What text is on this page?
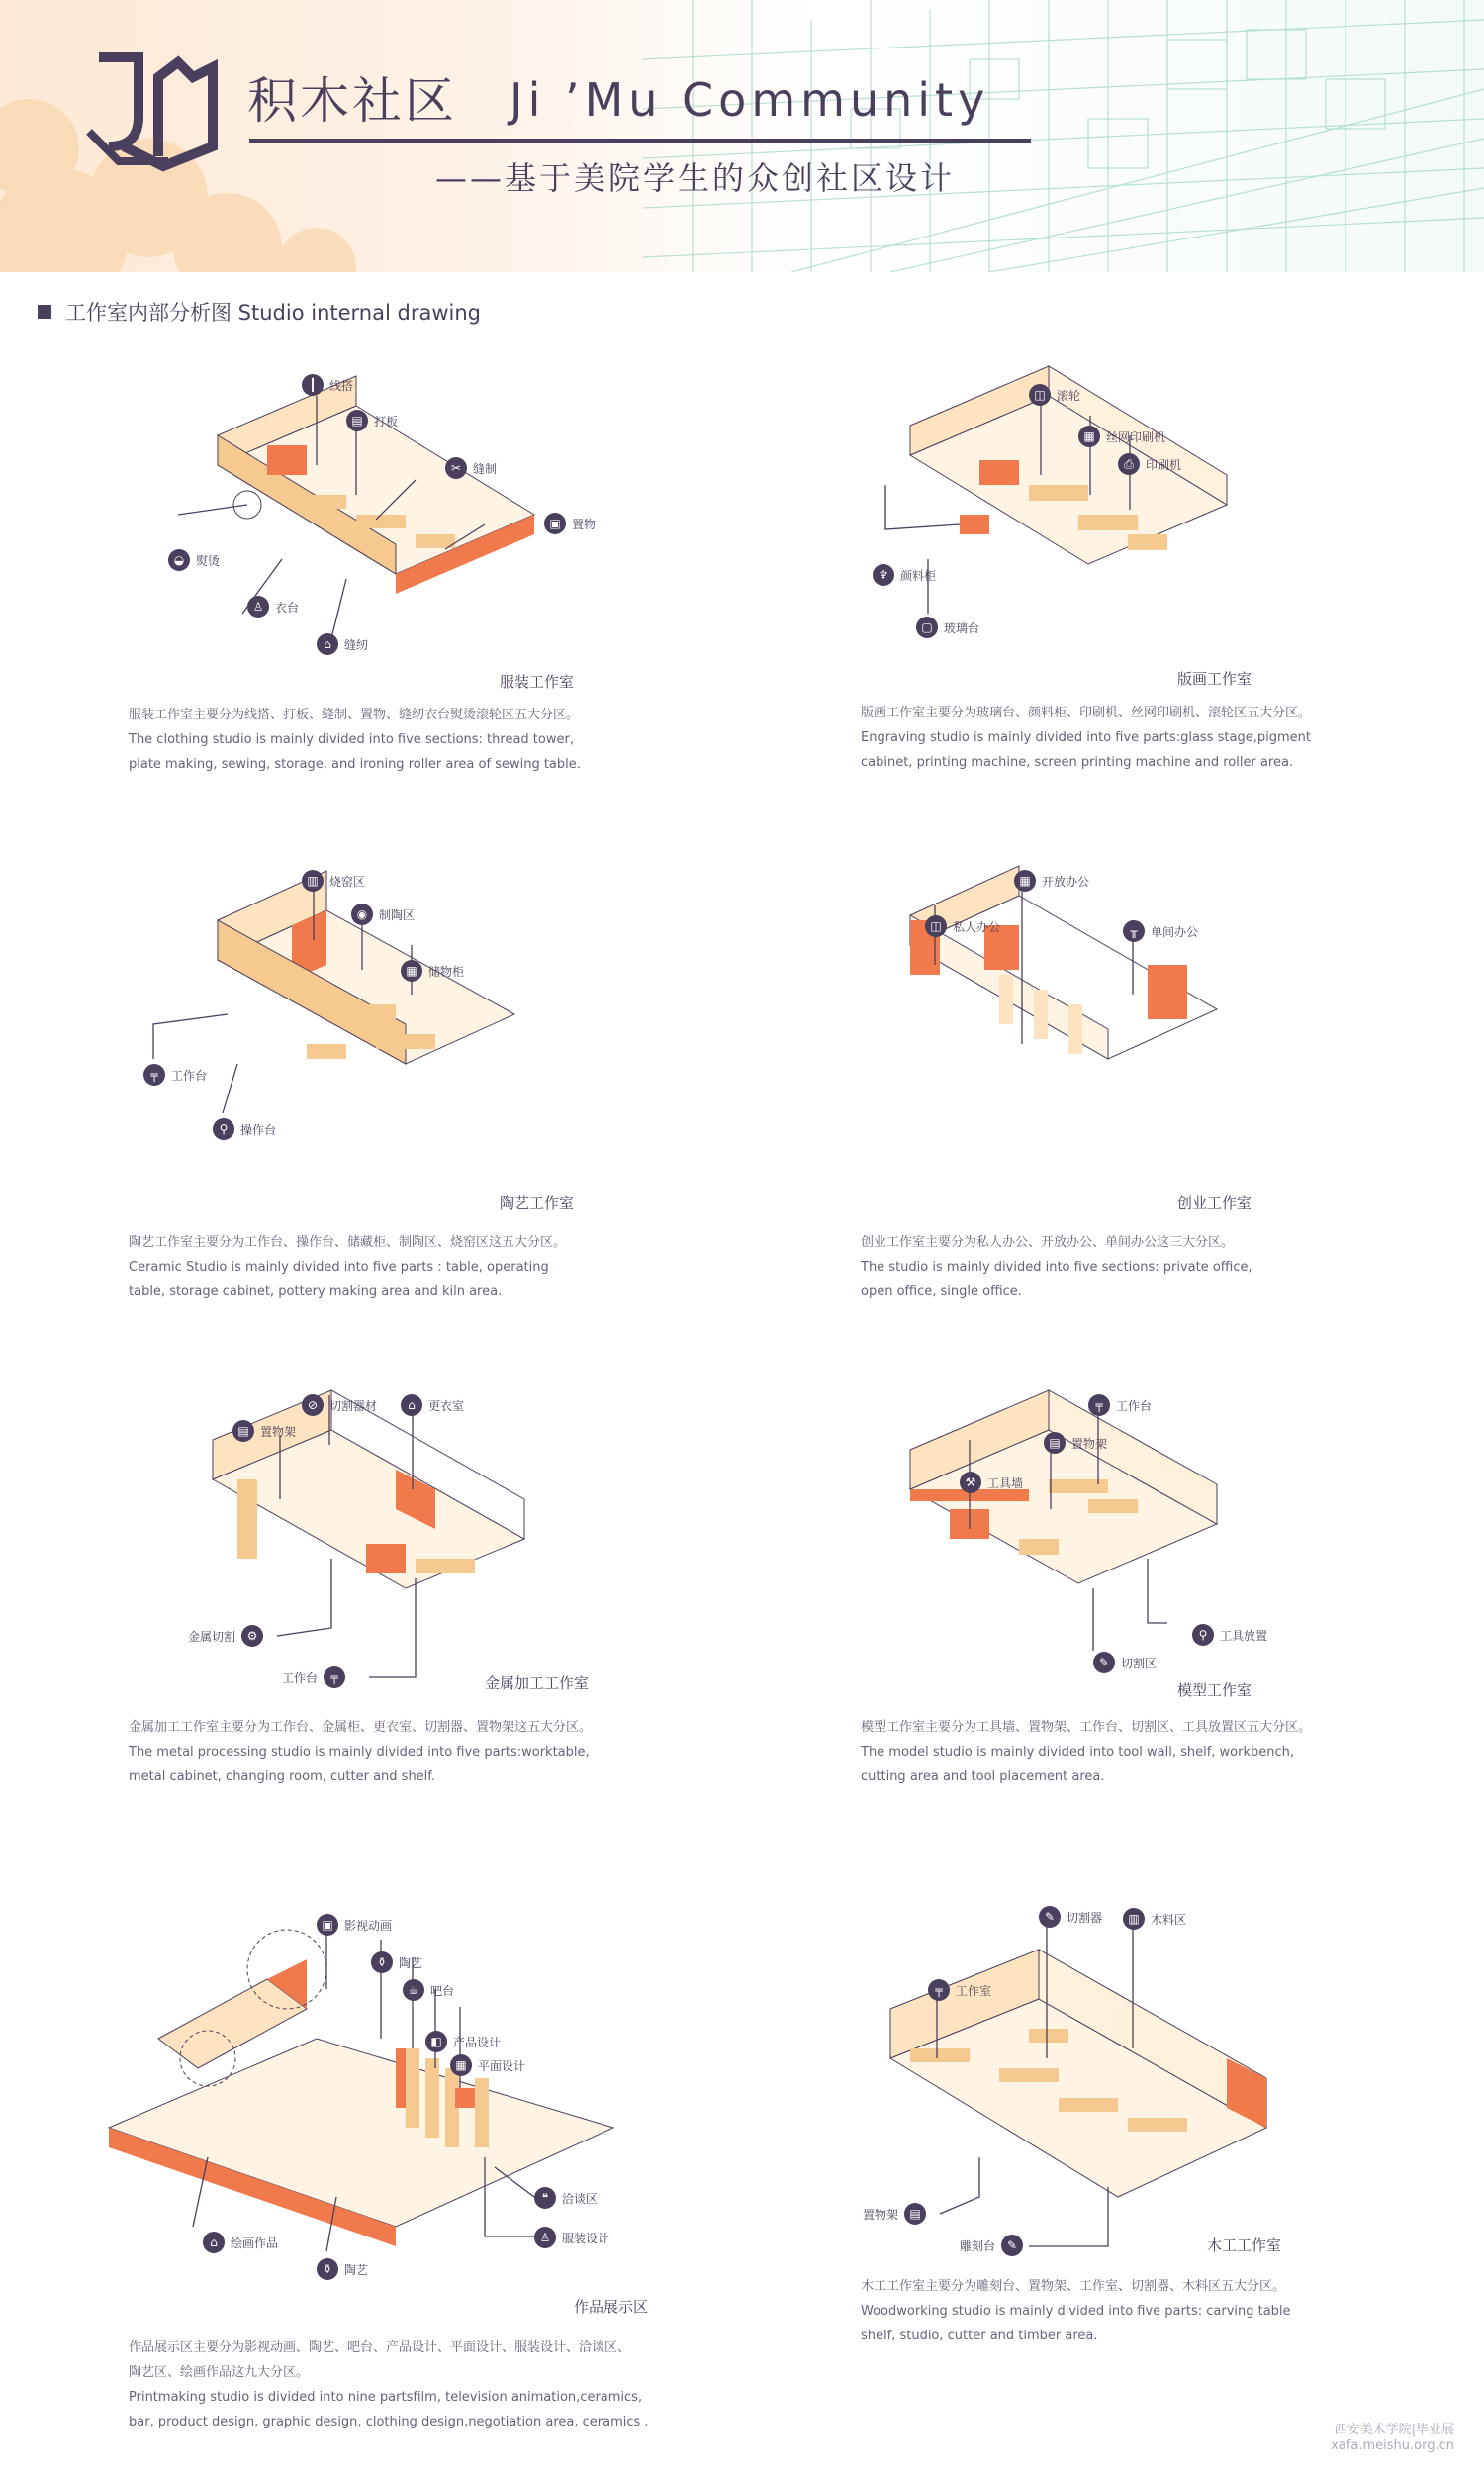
积木社区 Ji ’Mu Community
——基于美院学生的众创社区设计
工作室内部分析图 Studio internal drawing
┃	线搭
▤ 打板
✂ 缝制
▣ 置物
◒ 熨烫
♙ 衣台
⌂	缝纫
服装工作室
服装工作室主要分为线搭、打板、缝制、置物、缝纫衣台熨烫滚轮区五大分区。
The clothing studio is mainly divided into five sections: thread tower,
plate making, sewing, storage, and ironing roller area of sewing table.
◫ 滚轮
▦ 丝网印刷机
⎙	印刷机
♆ 颜料柜
▢ 玻璃台
版画工作室
版画工作室主要分为玻璃台、颜料柜、印刷机、丝网印刷机、滚轮区五大分区。
Engraving studio is mainly divided into five parts:glass stage,pigment
cabinet, printing machine, screen printing machine and roller area.
▥ 烧窑区
◉ 制陶区
▦ 储物柜
╤	工作台
⚲	操作台
陶艺工作室
陶艺工作室主要分为工作台、操作台、储藏柜、制陶区、烧窑区这五大分区。
Ceramic Studio is mainly divided into five parts : table, operating
table, storage cabinet, pottery making area and kiln area.
▦ 开放办公
◫ 私人办公	╥	单间办公
创业工作室
创业工作室主要分为私人办公、开放办公、单间办公这三大分区。
The studio is mainly divided into five sections: private office,
open office, single office.
⊘ 切割器材	⌂	更衣室
▤ 置物架
金属切割 ⚙
工作台	╤	金属加工工作室
金属加工工作室主要分为工作台、金属柜、更衣室、切割器、置物架这五大分区。
The metal processing studio is mainly divided into five parts:worktable,
metal cabinet, changing room, cutter and shelf.
╤	工作台
▤ 置物架
⚒ 工具墙
⚲	工具放置
✎ 切割区
模型工作室
模型工作室主要分为工具墙、置物架、工作台、切割区、工具放置区五大分区。
The model studio is mainly divided into tool wall, shelf, workbench,
cutting area and tool placement area.
▣ 影视动画
⚱ 陶艺
☕ 吧台
◧ 产品设计
▦ 平面设计
❝	洽谈区
♙ 服装设计
⌂	绘画作品
⚱ 陶艺
作品展示区
作品展示区主要分为影视动画、陶艺、吧台、产品设计、平面设计、服装设计、洽谈区、
陶艺区、绘画作品这九大分区。
Printmaking studio is divided into nine partsfilm, television animation,ceramics,
bar, product design, graphic design, clothing design,negotiation area, ceramics .
✎ 切割器	▥ 木料区
╤	工作室
置物架 ▤
雕刻台 ✎	木工工作室
木工工作室主要分为雕刻台、置物架、工作室、切割器、木料区五大分区。
Woodworking studio is mainly divided into five parts: carving table
shelf, studio, cutter and timber area.
西安美术学院|毕业展
xafa.meishu.org.cn
